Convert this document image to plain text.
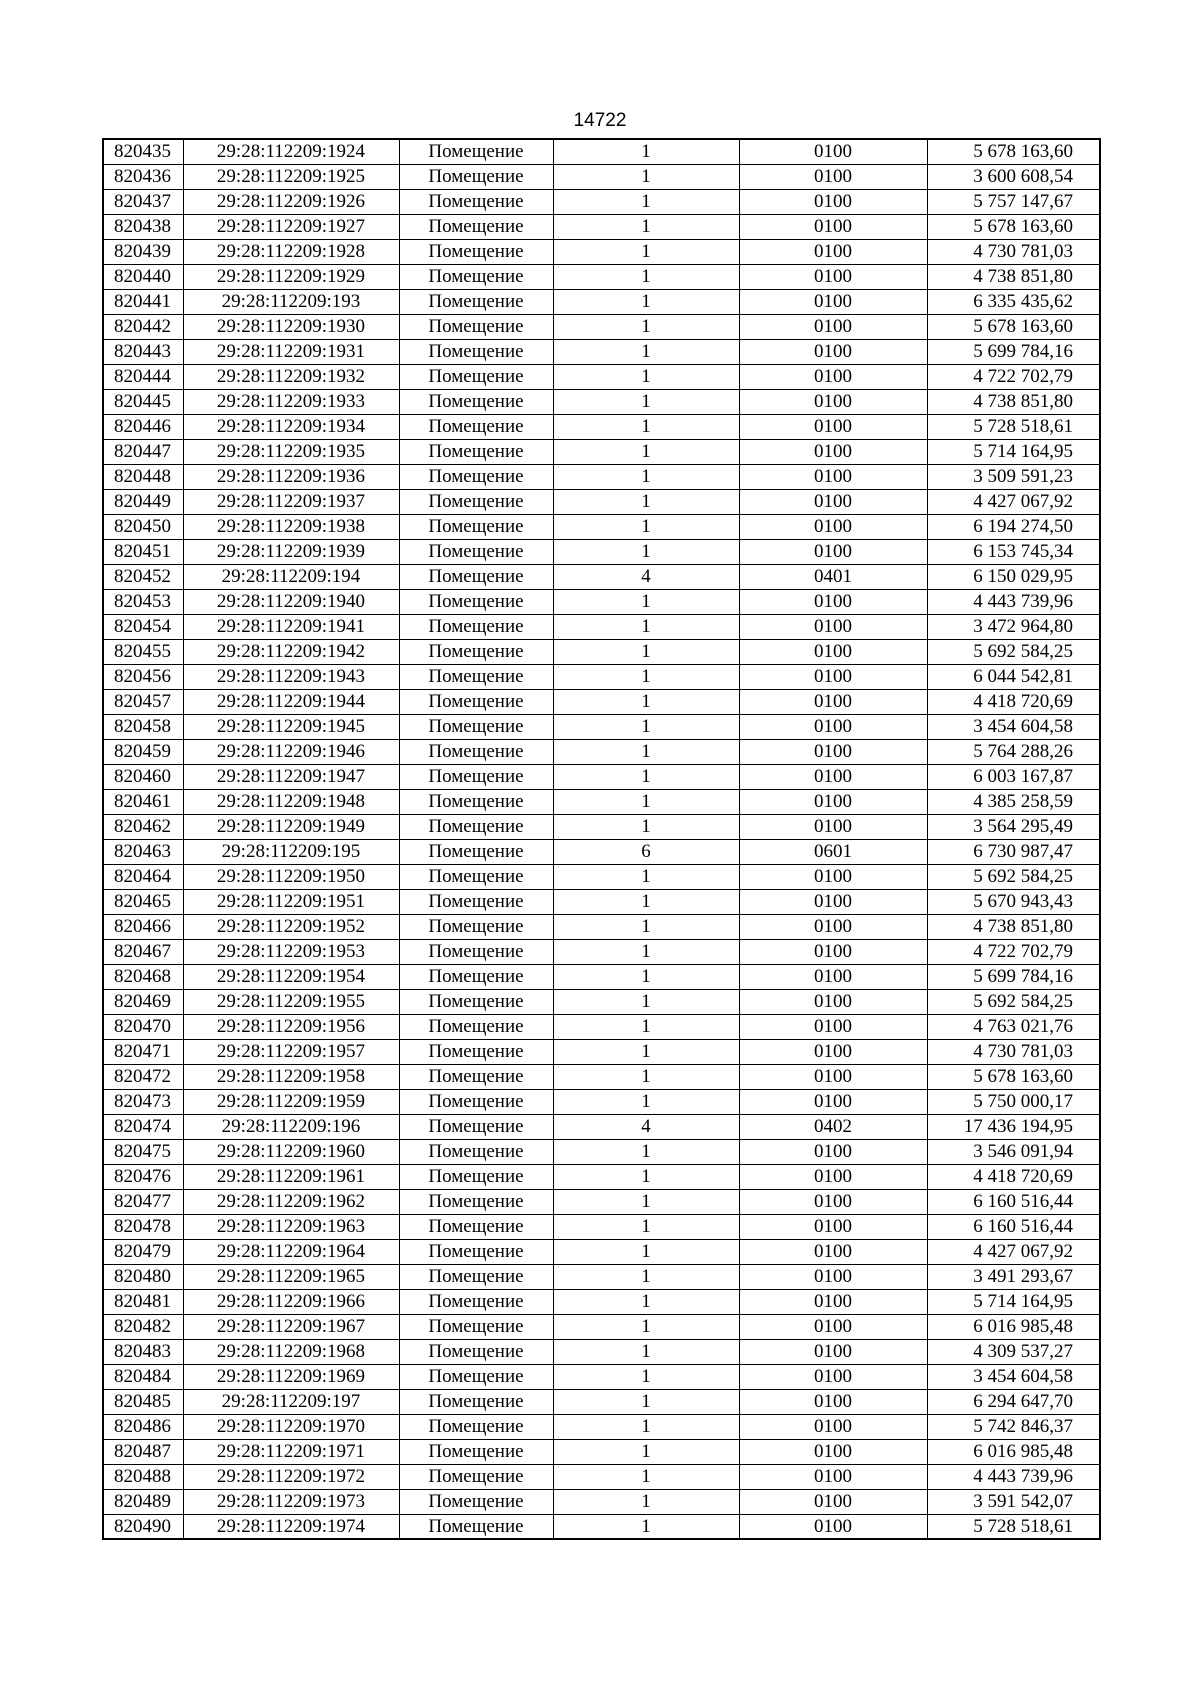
14722
820435	29:28:112209:1924	Помещение	1	0100	5 678 163,60
820436	29:28:112209:1925	Помещение	1	0100	3 600 608,54
820437	29:28:112209:1926	Помещение	1	0100	5 757 147,67
820438	29:28:112209:1927	Помещение	1	0100	5 678 163,60
820439	29:28:112209:1928	Помещение	1	0100	4 730 781,03
820440	29:28:112209:1929	Помещение	1	0100	4 738 851,80
820441	29:28:112209:193	Помещение	1	0100	6 335 435,62
820442	29:28:112209:1930	Помещение	1	0100	5 678 163,60
820443	29:28:112209:1931	Помещение	1	0100	5 699 784,16
820444	29:28:112209:1932	Помещение	1	0100	4 722 702,79
820445	29:28:112209:1933	Помещение	1	0100	4 738 851,80
820446	29:28:112209:1934	Помещение	1	0100	5 728 518,61
820447	29:28:112209:1935	Помещение	1	0100	5 714 164,95
820448	29:28:112209:1936	Помещение	1	0100	3 509 591,23
820449	29:28:112209:1937	Помещение	1	0100	4 427 067,92
820450	29:28:112209:1938	Помещение	1	0100	6 194 274,50
820451	29:28:112209:1939	Помещение	1	0100	6 153 745,34
820452	29:28:112209:194	Помещение	4	0401	6 150 029,95
820453	29:28:112209:1940	Помещение	1	0100	4 443 739,96
820454	29:28:112209:1941	Помещение	1	0100	3 472 964,80
820455	29:28:112209:1942	Помещение	1	0100	5 692 584,25
820456	29:28:112209:1943	Помещение	1	0100	6 044 542,81
820457	29:28:112209:1944	Помещение	1	0100	4 418 720,69
820458	29:28:112209:1945	Помещение	1	0100	3 454 604,58
820459	29:28:112209:1946	Помещение	1	0100	5 764 288,26
820460	29:28:112209:1947	Помещение	1	0100	6 003 167,87
820461	29:28:112209:1948	Помещение	1	0100	4 385 258,59
820462	29:28:112209:1949	Помещение	1	0100	3 564 295,49
820463	29:28:112209:195	Помещение	6	0601	6 730 987,47
820464	29:28:112209:1950	Помещение	1	0100	5 692 584,25
820465	29:28:112209:1951	Помещение	1	0100	5 670 943,43
820466	29:28:112209:1952	Помещение	1	0100	4 738 851,80
820467	29:28:112209:1953	Помещение	1	0100	4 722 702,79
820468	29:28:112209:1954	Помещение	1	0100	5 699 784,16
820469	29:28:112209:1955	Помещение	1	0100	5 692 584,25
820470	29:28:112209:1956	Помещение	1	0100	4 763 021,76
820471	29:28:112209:1957	Помещение	1	0100	4 730 781,03
820472	29:28:112209:1958	Помещение	1	0100	5 678 163,60
820473	29:28:112209:1959	Помещение	1	0100	5 750 000,17
820474	29:28:112209:196	Помещение	4	0402	17 436 194,95
820475	29:28:112209:1960	Помещение	1	0100	3 546 091,94
820476	29:28:112209:1961	Помещение	1	0100	4 418 720,69
820477	29:28:112209:1962	Помещение	1	0100	6 160 516,44
820478	29:28:112209:1963	Помещение	1	0100	6 160 516,44
820479	29:28:112209:1964	Помещение	1	0100	4 427 067,92
820480	29:28:112209:1965	Помещение	1	0100	3 491 293,67
820481	29:28:112209:1966	Помещение	1	0100	5 714 164,95
820482	29:28:112209:1967	Помещение	1	0100	6 016 985,48
820483	29:28:112209:1968	Помещение	1	0100	4 309 537,27
820484	29:28:112209:1969	Помещение	1	0100	3 454 604,58
820485	29:28:112209:197	Помещение	1	0100	6 294 647,70
820486	29:28:112209:1970	Помещение	1	0100	5 742 846,37
820487	29:28:112209:1971	Помещение	1	0100	6 016 985,48
820488	29:28:112209:1972	Помещение	1	0100	4 443 739,96
820489	29:28:112209:1973	Помещение	1	0100	3 591 542,07
820490	29:28:112209:1974	Помещение	1	0100	5 728 518,61
